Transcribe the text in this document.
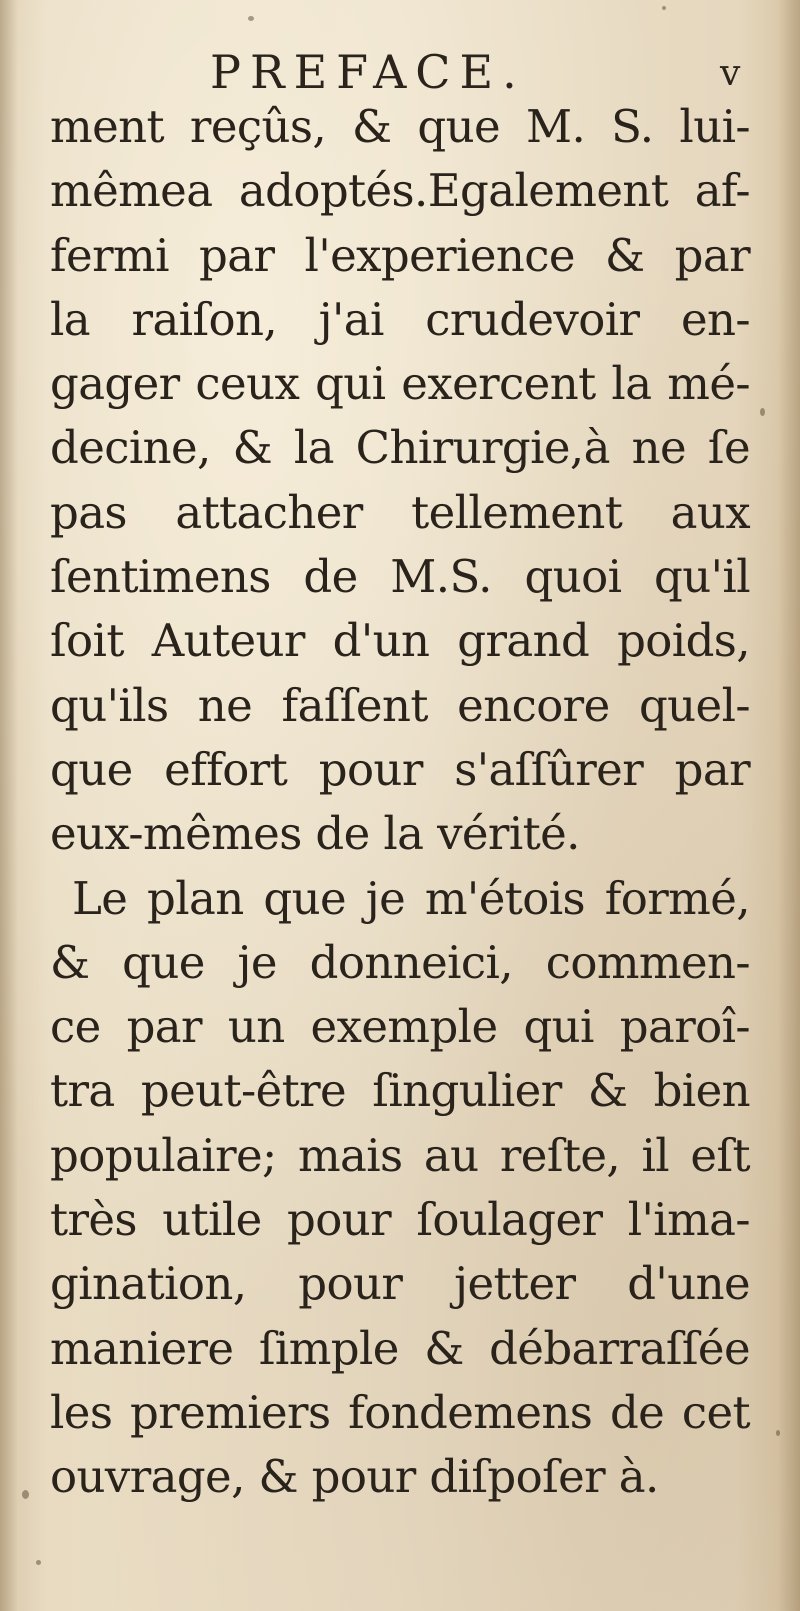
PREFACE.	v
ment reçûs, & que M. S. lui-
mêmea adoptés.Egalement af-
fermi par l'experience & par
la raiſon, j'ai crudevoir en-
gager ceux qui exercent la mé-
decine, & la Chirurgie,à ne ſe
pas attacher tellement aux
ſentimens de M.S. quoi qu'il
ſoit Auteur d'un grand poids,
qu'ils ne faſſent encore quel-
que effort pour s'aſſûrer par
eux-mêmes de la vérité.
Le plan que je m'étois formé,
& que je donneici, commen-
ce par un exemple qui paroî-
tra peut-être ſingulier & bien
populaire; mais au reſte, il eſt
très utile pour ſoulager l'ima-
gination, pour jetter d'une
maniere ſimple & débarraſſée
les premiers fondemens de cet
ouvrage, & pour diſpoſer à.
